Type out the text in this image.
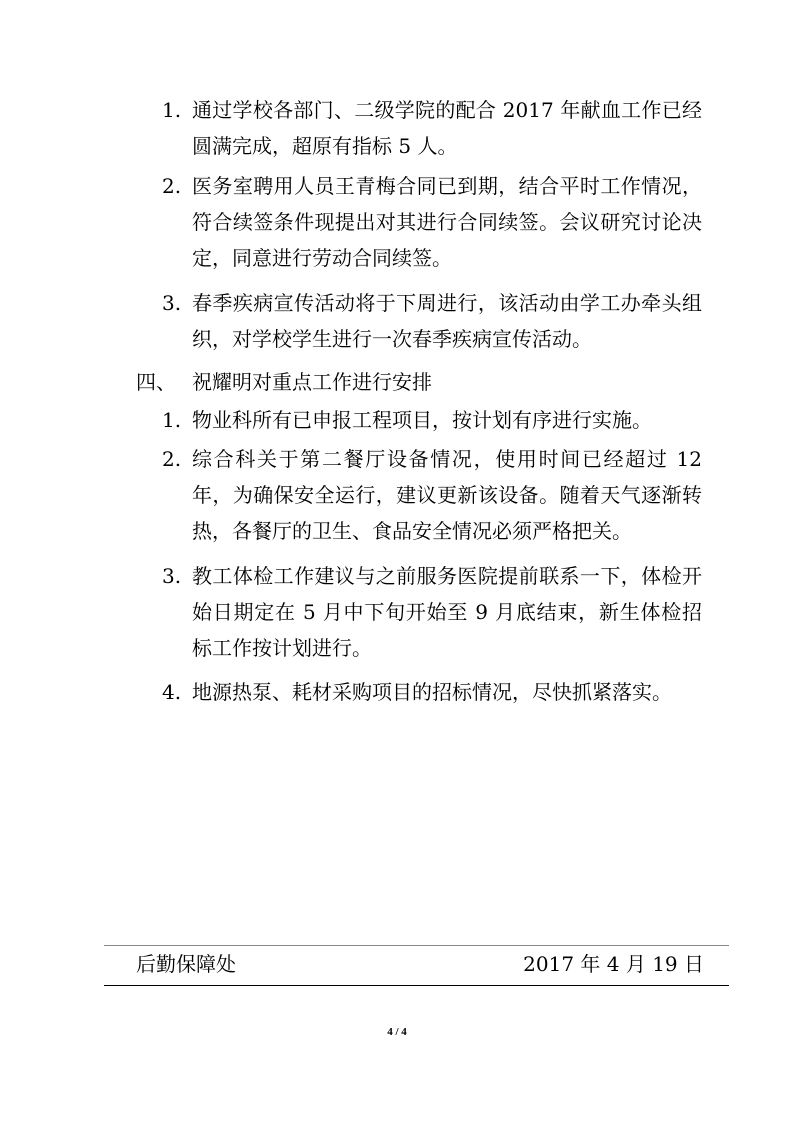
1. 通过学校各部门、二级学院的配合 2017 年献血工作已经圆满完成，超原有指标 5 人。
2. 医务室聘用人员王青梅合同已到期，结合平时工作情况，符合续签条件现提出对其进行合同续签。会议研究讨论决定，同意进行劳动合同续签。
3. 春季疾病宣传活动将于下周进行，该活动由学工办牵头组织，对学校学生进行一次春季疾病宣传活动。
四、 祝耀明对重点工作进行安排
1. 物业科所有已申报工程项目，按计划有序进行实施。
2. 综合科关于第二餐厅设备情况，使用时间已经超过 12 年，为确保安全运行，建议更新该设备。随着天气逐渐转热，各餐厅的卫生、食品安全情况必须严格把关。
3. 教工体检工作建议与之前服务医院提前联系一下，体检开始日期定在 5 月中下旬开始至 9 月底结束，新生体检招标工作按计划进行。
4. 地源热泵、耗材采购项目的招标情况，尽快抓紧落实。
后勤保障处	2017 年 4 月 19 日
4 / 4
